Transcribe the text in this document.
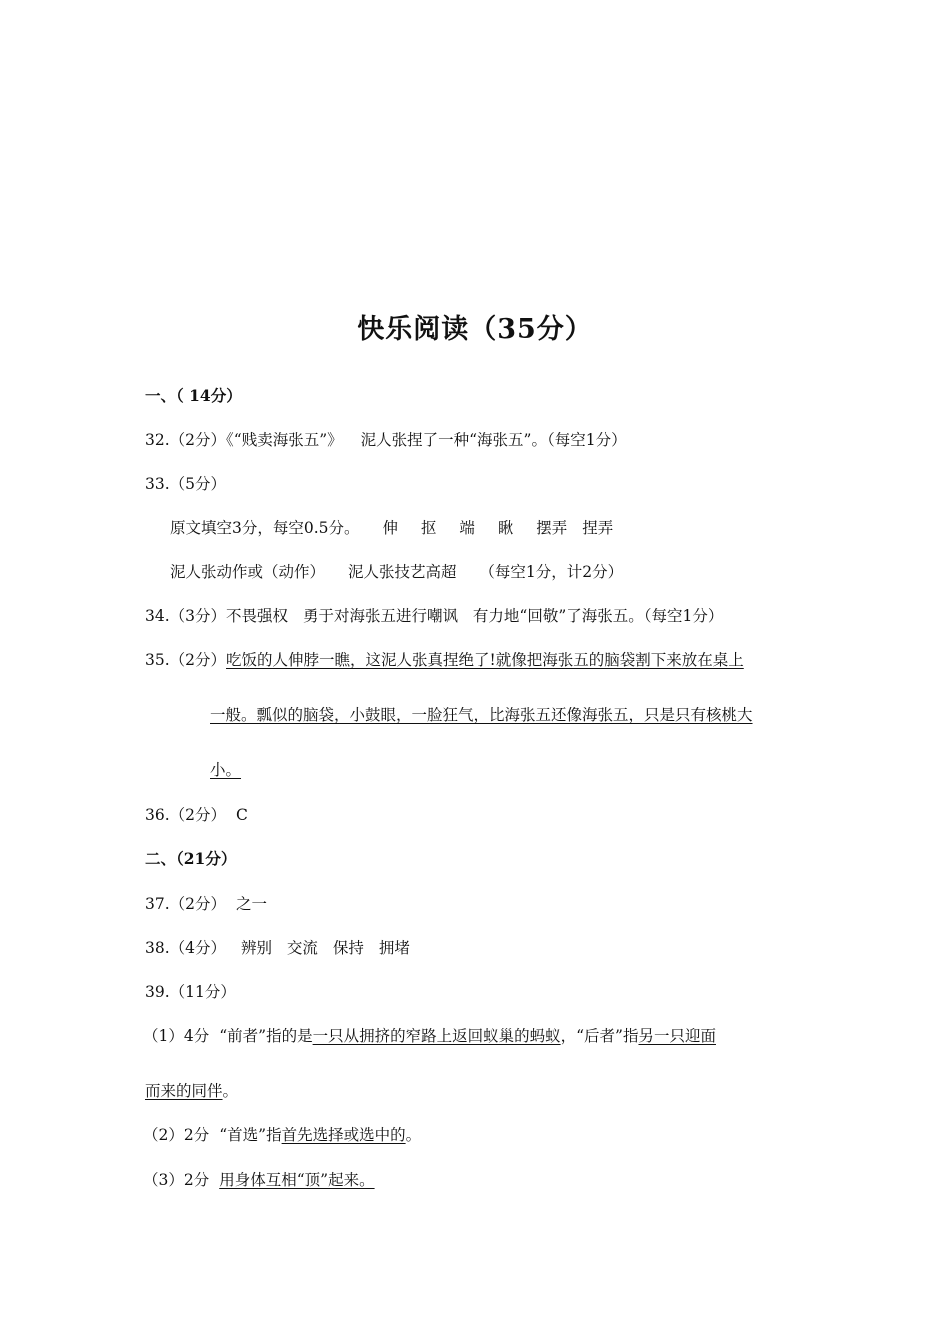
快乐阅读（35分）
一、（ 14分）
32.（2分）《“贱卖海张五”》 泥人张捏了一种“海张五”。（每空1分）
33.（5分）
原文填空3分，每空0.5分。 伸 抠 端 瞅 摆弄 捏弄
泥人张动作或（动作） 泥人张技艺高超 （每空1分，计2分）
34.（3分）不畏强权 勇于对海张五进行嘲讽 有力地“回敬”了海张五。（每空1分）
35.（2分）吃饭的人伸脖一瞧，这泥人张真捏绝了!就像把海张五的脑袋割下来放在桌上
一般。瓢似的脑袋，小鼓眼，一脸狂气，比海张五还像海张五，只是只有核桃大
小。
36.（2分） C
二、（21分）
37.（2分） 之一
38.（4分） 辨别 交流 保持 拥堵
39.（11分）
（1）4分 “前者”指的是一只从拥挤的窄路上返回蚁巢的蚂蚁，“后者”指另一只迎面
而来的同伴。
（2）2分 “首选”指首先选择或选中的。
（3）2分 用身体互相“顶”起来。
